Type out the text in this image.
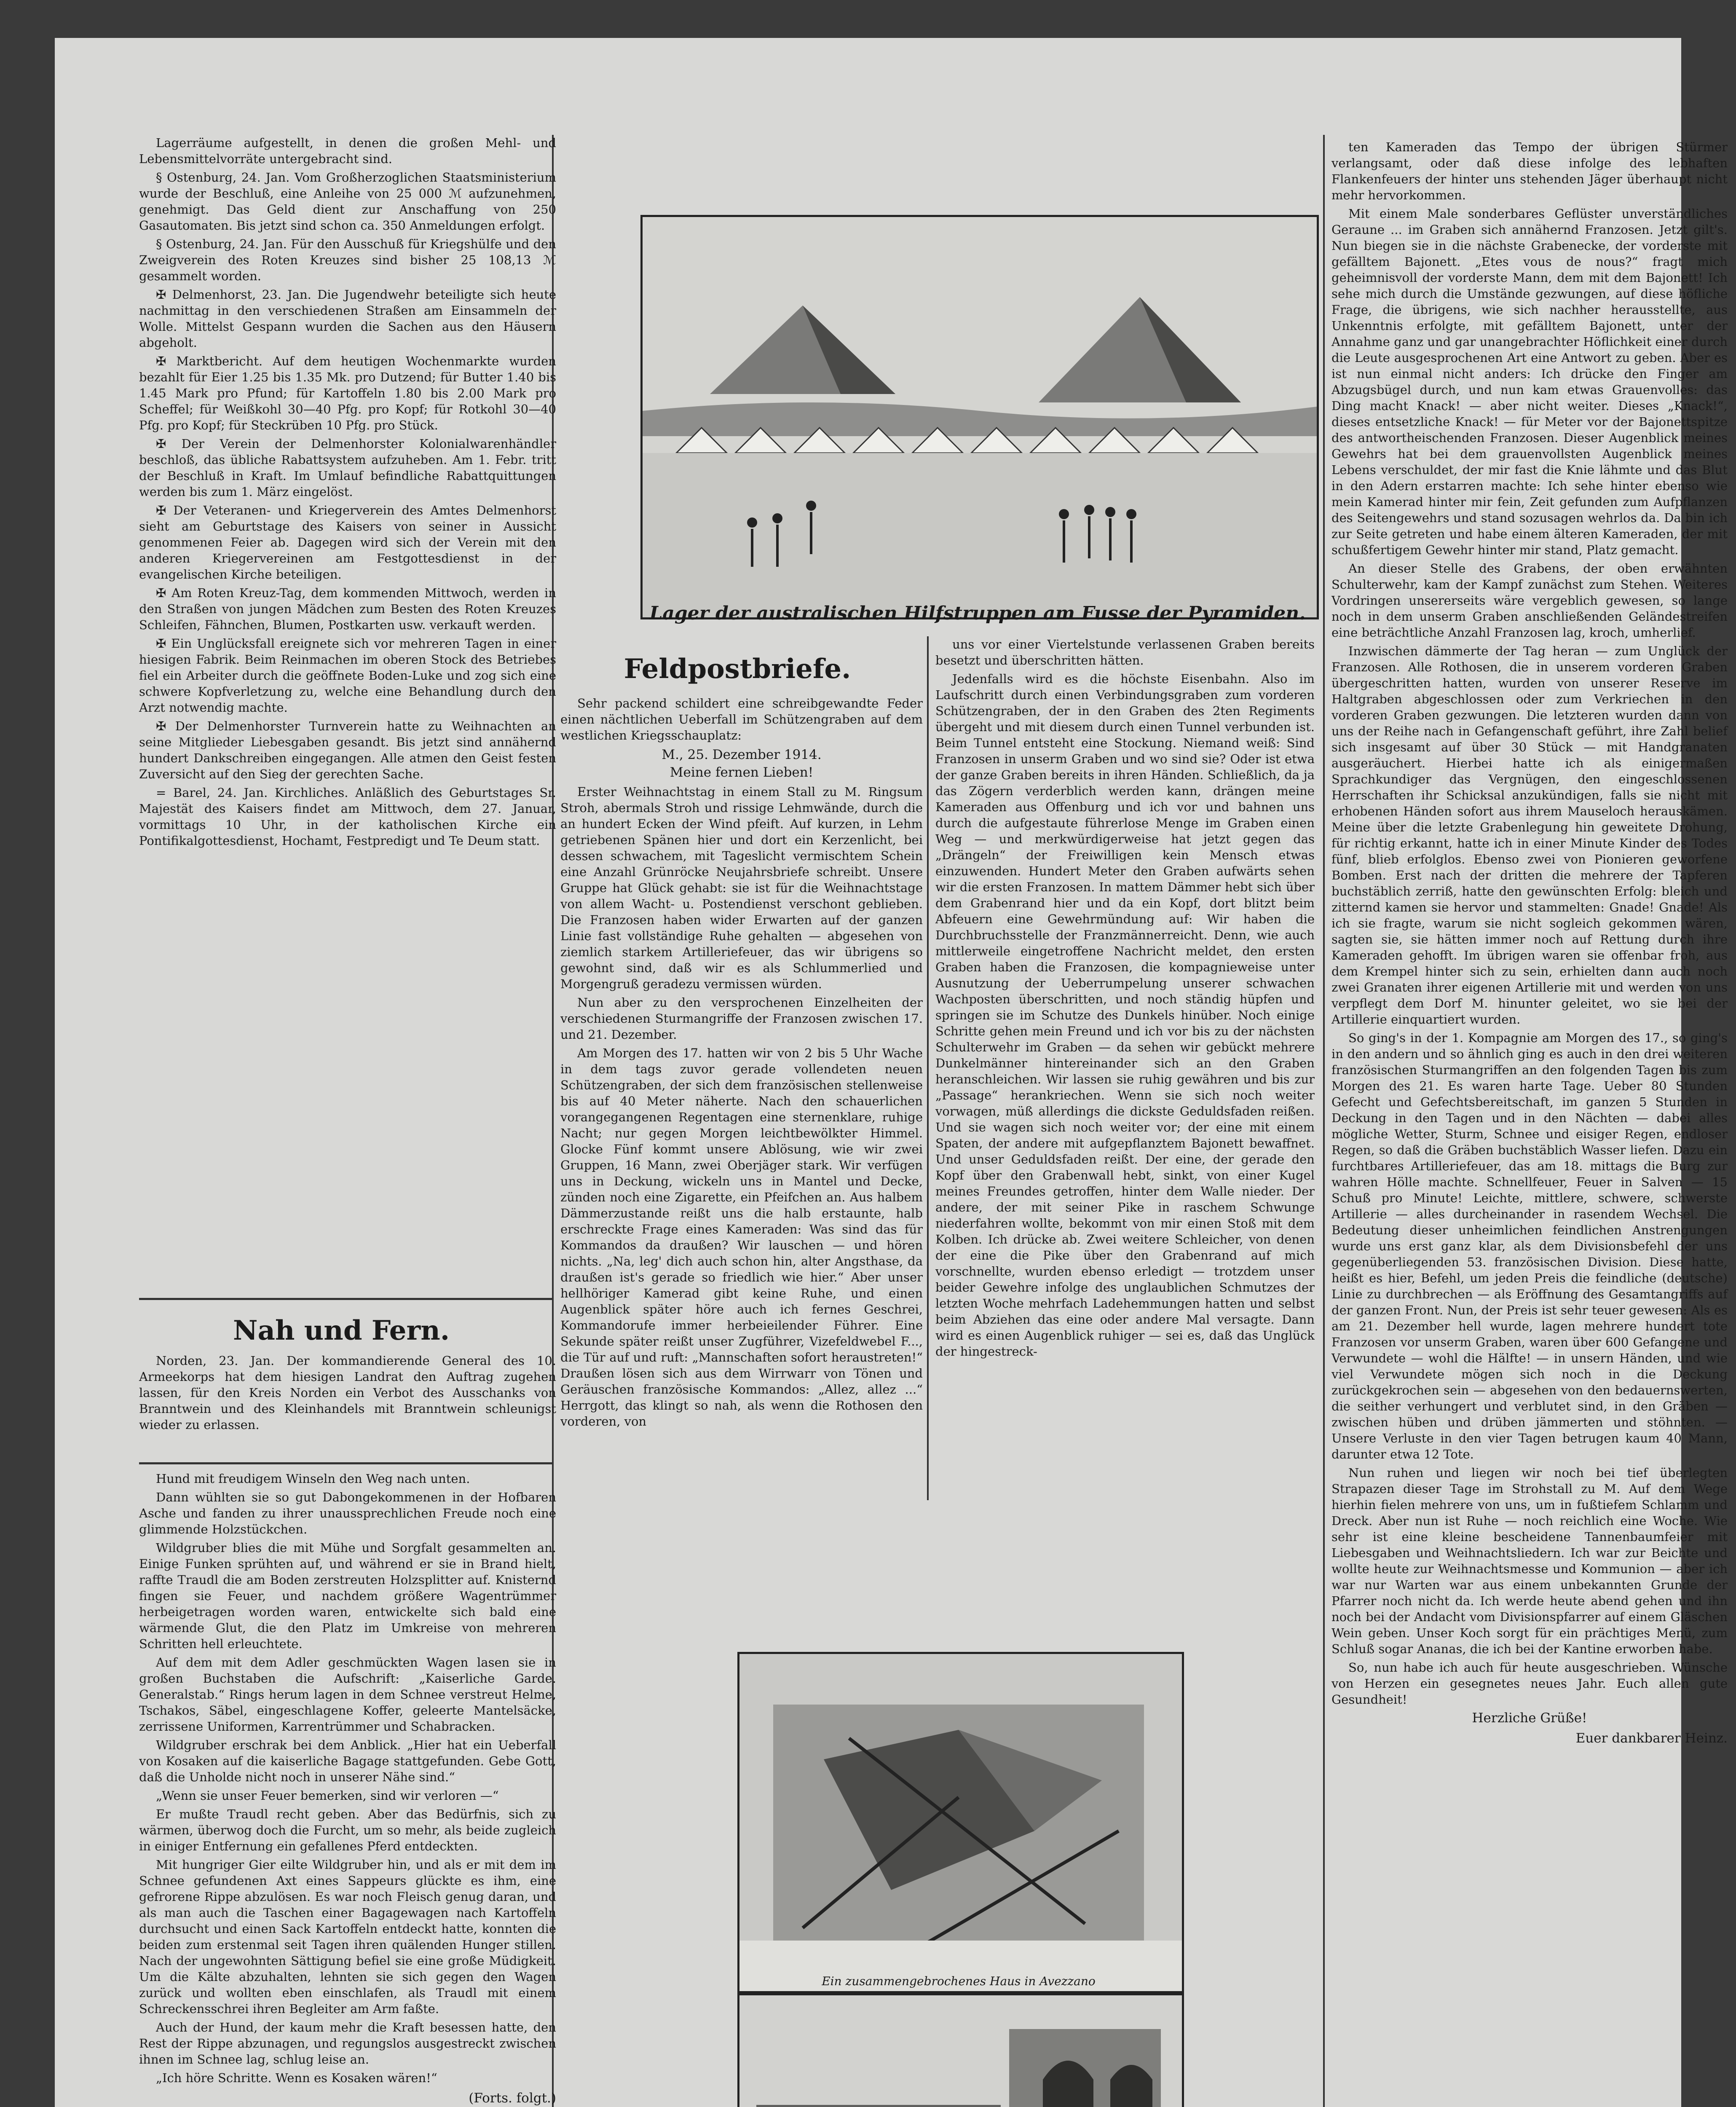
Lagerräume aufgestellt, in denen die großen Mehl- und Lebensmittelvorräte untergebracht sind.

§ Ostenburg, 24. Jan. Vom Großherzoglichen Staatsministerium wurde der Beschluß, eine Anleihe von 25 000 ℳ aufzunehmen, genehmigt. Das Geld dient zur Anschaffung von 250 Gasautomaten. Bis jetzt sind schon ca. 350 Anmeldungen erfolgt.

§ Ostenburg, 24. Jan. Für den Ausschuß für Kriegshülfe und den Zweigverein des Roten Kreuzes sind bisher 25 108,13 ℳ gesammelt worden.

✠ Delmenhorst, 23. Jan. Die Jugendwehr beteiligte sich heute nachmittag in den verschiedenen Straßen am Einsammeln der Wolle. Mittelst Gespann wurden die Sachen aus den Häusern abgeholt.

✠ Marktbericht. Auf dem heutigen Wochenmarkte wurden bezahlt für Eier 1.25 bis 1.35 Mk. pro Dutzend; für Butter 1.40 bis 1.45 Mark pro Pfund; für Kartoffeln 1.80 bis 2.00 Mark pro Scheffel; für Weißkohl 30—40 Pfg. pro Kopf; für Rotkohl 30—40 Pfg. pro Kopf; für Steckrüben 10 Pfg. pro Stück.

✠ Der Verein der Delmenhorster Kolonialwarenhändler beschloß, das übliche Rabattsystem aufzuheben. Am 1. Febr. tritt der Beschluß in Kraft. Im Umlauf befindliche Rabattquittungen werden bis zum 1. März eingelöst.

✠ Der Veteranen- und Kriegerverein des Amtes Delmenhorst sieht am Geburtstage des Kaisers von seiner in Aussicht genommenen Feier ab. Dagegen wird sich der Verein mit den anderen Kriegervereinen am Festgottesdienst in der evangelischen Kirche beteiligen.

✠ Am Roten Kreuz-Tag, dem kommenden Mittwoch, werden in den Straßen von jungen Mädchen zum Besten des Roten Kreuzes Schleifen, Fähnchen, Blumen, Postkarten usw. verkauft werden.

✠ Ein Unglücksfall ereignete sich vor mehreren Tagen in einer hiesigen Fabrik. Beim Reinmachen im oberen Stock des Betriebes fiel ein Arbeiter durch die geöffnete Boden-Luke und zog sich eine schwere Kopfverletzung zu, welche eine Behandlung durch den Arzt notwendig machte.

✠ Der Delmenhorster Turnverein hatte zu Weihnachten an seine Mitglieder Liebesgaben gesandt. Bis jetzt sind annähernd hundert Dankschreiben eingegangen. Alle atmen den Geist festen Zuversicht auf den Sieg der gerechten Sache.

= Barel, 24. Jan. Kirchliches. Anläßlich des Geburtstages Sr. Majestät des Kaisers findet am Mittwoch, dem 27. Januar, vormittags 10 Uhr, in der katholischen Kirche ein Pontifikalgottesdienst, Hochamt, Festpredigt und Te Deum statt.

Nah und Fern.

Norden, 23. Jan. Der kommandierende General des 10. Armeekorps hat dem hiesigen Landrat den Auftrag zugehen lassen, für den Kreis Norden ein Verbot des Ausschanks von Branntwein und des Kleinhandels mit Branntwein schleunigst wieder zu erlassen.

Hund mit freudigem Winseln den Weg nach unten.

Dann wühlten sie so gut Dabongekommenen in der Hofbaren Asche und fanden zu ihrer unaussprechlichen Freude noch eine glimmende Holzstückchen.

Wildgruber blies die mit Mühe und Sorgfalt gesammelten an. Einige Funken sprühten auf, und während er sie in Brand hielt, raffte Traudl die am Boden zerstreuten Holzsplitter auf. Knisternd fingen sie Feuer, und nachdem größere Wagentrümmer herbeigetragen worden waren, entwickelte sich bald eine wärmende Glut, die den Platz im Umkreise von mehreren Schritten hell erleuchtete.

Auf dem mit dem Adler geschmückten Wagen lasen sie in großen Buchstaben die Aufschrift: „Kaiserliche Garde. Generalstab.“ Rings herum lagen in dem Schnee verstreut Helme, Tschakos, Säbel, eingeschlagene Koffer, geleerte Mantelsäcke, zerrissene Uniformen, Karrentrümmer und Schabracken.

Wildgruber erschrak bei dem Anblick. „Hier hat ein Ueberfall von Kosaken auf die kaiserliche Bagage stattgefunden. Gebe Gott, daß die Unholde nicht noch in unserer Nähe sind.“

„Wenn sie unser Feuer bemerken, sind wir verloren —“

Er mußte Traudl recht geben. Aber das Bedürfnis, sich zu wärmen, überwog doch die Furcht, um so mehr, als beide zugleich in einiger Entfernung ein gefallenes Pferd entdeckten.

Mit hungriger Gier eilte Wildgruber hin, und als er mit dem im Schnee gefundenen Axt eines Sappeurs glückte es ihm, eine gefrorene Rippe abzulösen. Es war noch Fleisch genug daran, und als man auch die Taschen einer Bagagewagen nach Kartoffeln durchsucht und einen Sack Kartoffeln entdeckt hatte, konnten die beiden zum erstenmal seit Tagen ihren quälenden Hunger stillen. Nach der ungewohnten Sättigung befiel sie eine große Müdigkeit. Um die Kälte abzuhalten, lehnten sie sich gegen den Wagen zurück und wollten eben einschlafen, als Traudl mit einem Schreckensschrei ihren Begleiter am Arm faßte.

Auch der Hund, der kaum mehr die Kraft besessen hatte, den Rest der Rippe abzunagen, und regungslos ausgestreckt zwischen ihnen im Schnee lag, schlug leise an.

„Ich höre Schritte. Wenn es Kosaken wären!“

(Forts. folgt.)
Lager der australischen Hilfstruppen am Fusse der Pyramiden.
Feldpostbriefe.

Sehr packend schildert eine schreibgewandte Feder einen nächtlichen Ueberfall im Schützengraben auf dem westlichen Kriegsschauplatz:

M., 25. Dezember 1914.
Meine fernen Lieben!

Erster Weihnachtstag in einem Stall zu M. Ringsum Stroh, abermals Stroh und rissige Lehmwände, durch die an hundert Ecken der Wind pfeift. Auf kurzen, in Lehm getriebenen Spänen hier und dort ein Kerzenlicht, bei dessen schwachem, mit Tageslicht vermischtem Schein eine Anzahl Grünröcke Neujahrsbriefe schreibt. Unsere Gruppe hat Glück gehabt: sie ist für die Weihnachtstage von allem Wacht- u. Postendienst verschont geblieben. Die Franzosen haben wider Erwarten auf der ganzen Linie fast vollständige Ruhe gehalten — abgesehen von ziemlich starkem Artilleriefeuer, das wir übrigens so gewohnt sind, daß wir es als Schlummerlied und Morgengruß geradezu vermissen würden.

Nun aber zu den versprochenen Einzelheiten der verschiedenen Sturmangriffe der Franzosen zwischen 17. und 21. Dezember.

Am Morgen des 17. hatten wir von 2 bis 5 Uhr Wache in dem tags zuvor gerade vollendeten neuen Schützengraben, der sich dem französischen stellenweise bis auf 40 Meter näherte. Nach den schauerlichen vorangegangenen Regentagen eine sternenklare, ruhige Nacht; nur gegen Morgen leichtbewölkter Himmel. Glocke Fünf kommt unsere Ablösung, wie wir zwei Gruppen, 16 Mann, zwei Oberjäger stark. Wir verfügen uns in Deckung, wickeln uns in Mantel und Decke, zünden noch eine Zigarette, ein Pfeifchen an. Aus halbem Dämmerzustande reißt uns die halb erstaunte, halb erschreckte Frage eines Kameraden: Was sind das für Kommandos da draußen? Wir lauschen — und hören nichts. „Na, leg' dich auch schon hin, alter Angsthase, da draußen ist's gerade so friedlich wie hier.“ Aber unser hellhöriger Kamerad gibt keine Ruhe, und einen Augenblick später höre auch ich fernes Geschrei, Kommandorufe immer herbeieilender Führer. Eine Sekunde später reißt unser Zugführer, Vizefeldwebel F..., die Tür auf und ruft: „Mannschaften sofort heraustreten!“ Draußen lösen sich aus dem Wirrwarr von Tönen und Geräuschen französische Kommandos: „Allez, allez ...“ Herrgott, das klingt so nah, als wenn die Rothosen den vorderen, von

uns vor einer Viertelstunde verlassenen Graben bereits besetzt und überschritten hätten.

Jedenfalls wird es die höchste Eisenbahn. Also im Laufschritt durch einen Verbindungsgraben zum vorderen Schützengraben, der in den Graben des 2ten Regiments übergeht und mit diesem durch einen Tunnel verbunden ist. Beim Tunnel entsteht eine Stockung. Niemand weiß: Sind Franzosen in unserm Graben und wo sind sie? Oder ist etwa der ganze Graben bereits in ihren Händen. Schließlich, da ja das Zögern verderblich werden kann, drängen meine Kameraden aus Offenburg und ich vor und bahnen uns durch die aufgestaute führerlose Menge im Graben einen Weg — und merkwürdigerweise hat jetzt gegen das „Drängeln“ der Freiwilligen kein Mensch etwas einzuwenden. Hundert Meter den Graben aufwärts sehen wir die ersten Franzosen. In mattem Dämmer hebt sich über dem Grabenrand hier und da ein Kopf, dort blitzt beim Abfeuern eine Gewehrmündung auf: Wir haben die Durchbruchsstelle der Franzmännerreicht. Denn, wie auch mittlerweile eingetroffene Nachricht meldet, den ersten Graben haben die Franzosen, die kompagnieweise unter Ausnutzung der Ueberrumpelung unserer schwachen Wachposten überschritten, und noch ständig hüpfen und springen sie im Schutze des Dunkels hinüber. Noch einige Schritte gehen mein Freund und ich vor bis zu der nächsten Schulterwehr im Graben — da sehen wir gebückt mehrere Dunkelmänner hintereinander sich an den Graben heranschleichen. Wir lassen sie ruhig gewähren und bis zur „Passage“ herankriechen. Wenn sie sich noch weiter vorwagen, müß allerdings die dickste Geduldsfaden reißen. Und sie wagen sich noch weiter vor; der eine mit einem Spaten, der andere mit aufgepflanztem Bajonett bewaffnet. Und unser Geduldsfaden reißt. Der eine, der gerade den Kopf über den Grabenwall hebt, sinkt, von einer Kugel meines Freundes getroffen, hinter dem Walle nieder. Der andere, der mit seiner Pike in raschem Schwunge niederfahren wollte, bekommt von mir einen Stoß mit dem Kolben. Ich drücke ab. Zwei weitere Schleicher, von denen der eine die Pike über den Grabenrand auf mich vorschnellte, wurden ebenso erledigt — trotzdem unser beider Gewehre infolge des unglaublichen Schmutzes der letzten Woche mehrfach Ladehemmungen hatten und selbst beim Abziehen das eine oder andere Mal versagte. Dann wird es einen Augenblick ruhiger — sei es, daß das Unglück der hingestreck-

Ein zusammengebrochenes Haus in Avezzano

ten Kameraden das Tempo der übrigen Stürmer verlangsamt, oder daß diese infolge des lebhaften Flankenfeuers der hinter uns stehenden Jäger überhaupt nicht mehr hervorkommen.

Mit einem Male sonderbares Geflüster unverständliches Geraune ... im Graben sich annähernd Franzosen. Jetzt gilt's. Nun biegen sie in die nächste Grabenecke, der vorderste mit gefälltem Bajonett. „Etes vous de nous?“ fragt mich geheimnisvoll der vorderste Mann, dem mit dem Bajonett! Ich sehe mich durch die Umstände gezwungen, auf diese höfliche Frage, die übrigens, wie sich nachher herausstellte, aus Unkenntnis erfolgte, mit gefälltem Bajonett, unter der Annahme ganz und gar unangebrachter Höflichkeit einer durch die Leute ausgesprochenen Art eine Antwort zu geben. Aber es ist nun einmal nicht anders: Ich drücke den Finger am Abzugsbügel durch, und nun kam etwas Grauenvolles: das Ding macht Knack! — aber nicht weiter. Dieses „Knack!“, dieses entsetzliche Knack! — für Meter vor der Bajonettspitze des antwortheischenden Franzosen. Dieser Augenblick meines Gewehrs hat bei dem grauenvollsten Augenblick meines Lebens verschuldet, der mir fast die Knie lähmte und das Blut in den Adern erstarren machte: Ich sehe hinter ebenso wie mein Kamerad hinter mir fein, Zeit gefunden zum Aufpflanzen des Seitengewehrs und stand sozusagen wehrlos da. Da bin ich zur Seite getreten und habe einem älteren Kameraden, der mit schußfertigem Gewehr hinter mir stand, Platz gemacht.

An dieser Stelle des Grabens, der oben erwähnten Schulterwehr, kam der Kampf zunächst zum Stehen. Weiteres Vordringen unsererseits wäre vergeblich gewesen, so lange noch in dem unserm Graben anschließenden Geländestreifen eine beträchtliche Anzahl Franzosen lag, kroch, umherlief.

Inzwischen dämmerte der Tag heran — zum Unglück der Franzosen. Alle Rothosen, die in unserem vorderen Graben übergeschritten hatten, wurden von unserer Reserve im Haltgraben abgeschlossen oder zum Verkriechen in den vorderen Graben gezwungen. Die letzteren wurden dann von uns der Reihe nach in Gefangenschaft geführt, ihre Zahl belief sich insgesamt auf über 30 Stück — mit Handgranaten ausgeräuchert. Hierbei hatte ich als einigermaßen Sprachkundiger das Vergnügen, den eingeschlossenen Herrschaften ihr Schicksal anzukündigen, falls sie nicht mit erhobenen Händen sofort aus ihrem Mauseloch herauskämen. Meine über die letzte Grabenlegung hin geweitete Drohung, für richtig erkannt, hatte ich in einer Minute Kinder des Todes fünf, blieb erfolglos. Ebenso zwei von Pionieren geworfene Bomben. Erst nach der dritten die mehrere der Tapferen buchstäblich zerriß, hatte den gewünschten Erfolg: bleich und zitternd kamen sie hervor und stammelten: Gnade! Gnade! Als ich sie fragte, warum sie nicht sogleich gekommen wären, sagten sie, sie hätten immer noch auf Rettung durch ihre Kameraden gehofft. Im übrigen waren sie offenbar froh, aus dem Krempel hinter sich zu sein, erhielten dann auch noch zwei Granaten ihrer eigenen Artillerie mit und werden von uns verpflegt dem Dorf M. hinunter geleitet, wo sie bei der Artillerie einquartiert wurden.

So ging's in der 1. Kompagnie am Morgen des 17., so ging's in den andern und so ähnlich ging es auch in den drei weiteren französischen Sturmangriffen an den folgenden Tagen bis zum Morgen des 21. Es waren harte Tage. Ueber 80 Stunden Gefecht und Gefechtsbereitschaft, im ganzen 5 Stunden in Deckung in den Tagen und in den Nächten — dabei alles mögliche Wetter, Sturm, Schnee und eisiger Regen, endloser Regen, so daß die Gräben buchstäblich Wasser liefen. Dazu ein furchtbares Artilleriefeuer, das am 18. mittags die Burg zur wahren Hölle machte. Schnellfeuer, Feuer in Salven — 15 Schuß pro Minute! Leichte, mittlere, schwere, schwerste Artillerie — alles durcheinander in rasendem Wechsel. Die Bedeutung dieser unheimlichen feindlichen Anstrengungen wurde uns erst ganz klar, als dem Divisionsbefehl der uns gegenüberliegenden 53. französischen Division. Diese hatte, heißt es hier, Befehl, um jeden Preis die feindliche (deutsche) Linie zu durchbrechen — als Eröffnung des Gesamtangriffs auf der ganzen Front. Nun, der Preis ist sehr teuer gewesen: Als es am 21. Dezember hell wurde, lagen mehrere hundert tote Franzosen vor unserm Graben, waren über 600 Gefangene und Verwundete — wohl die Hälfte! — in unsern Händen, und wie viel Verwundete mögen sich noch in die Deckung zurückgekrochen sein — abgesehen von den bedauernswerten, die seither verhungert und verblutet sind, in den Gräben — zwischen hüben und drüben jämmerten und stöhnten. — Unsere Verluste in den vier Tagen betrugen kaum 40 Mann, darunter etwa 12 Tote.

Nun ruhen und liegen wir noch bei tief überlegten Strapazen dieser Tage im Strohstall zu M. Auf dem Wege hierhin fielen mehrere von uns, um in fußtiefem Schlamm und Dreck. Aber nun ist Ruhe — noch reichlich eine Woche. Wie sehr ist eine kleine bescheidene Tannenbaumfeier mit Liebesgaben und Weihnachtsliedern. Ich war zur Beichte und wollte heute zur Weihnachtsmesse und Kommunion — aber ich war nur Warten war aus einem unbekannten Grunde der Pfarrer noch nicht da. Ich werde heute abend gehen und ihn noch bei der Andacht vom Divisionspfarrer auf einem Gläschen Wein geben. Unser Koch sorgt für ein prächtiges Menü, zum Schluß sogar Ananas, die ich bei der Kantine erworben habe.

So, nun habe ich auch für heute ausgeschrieben. Wünsche von Herzen ein gesegnetes neues Jahr. Euch allen gute Gesundheit!

Herzliche Grüße!
Euer dankbarer Heinz.
